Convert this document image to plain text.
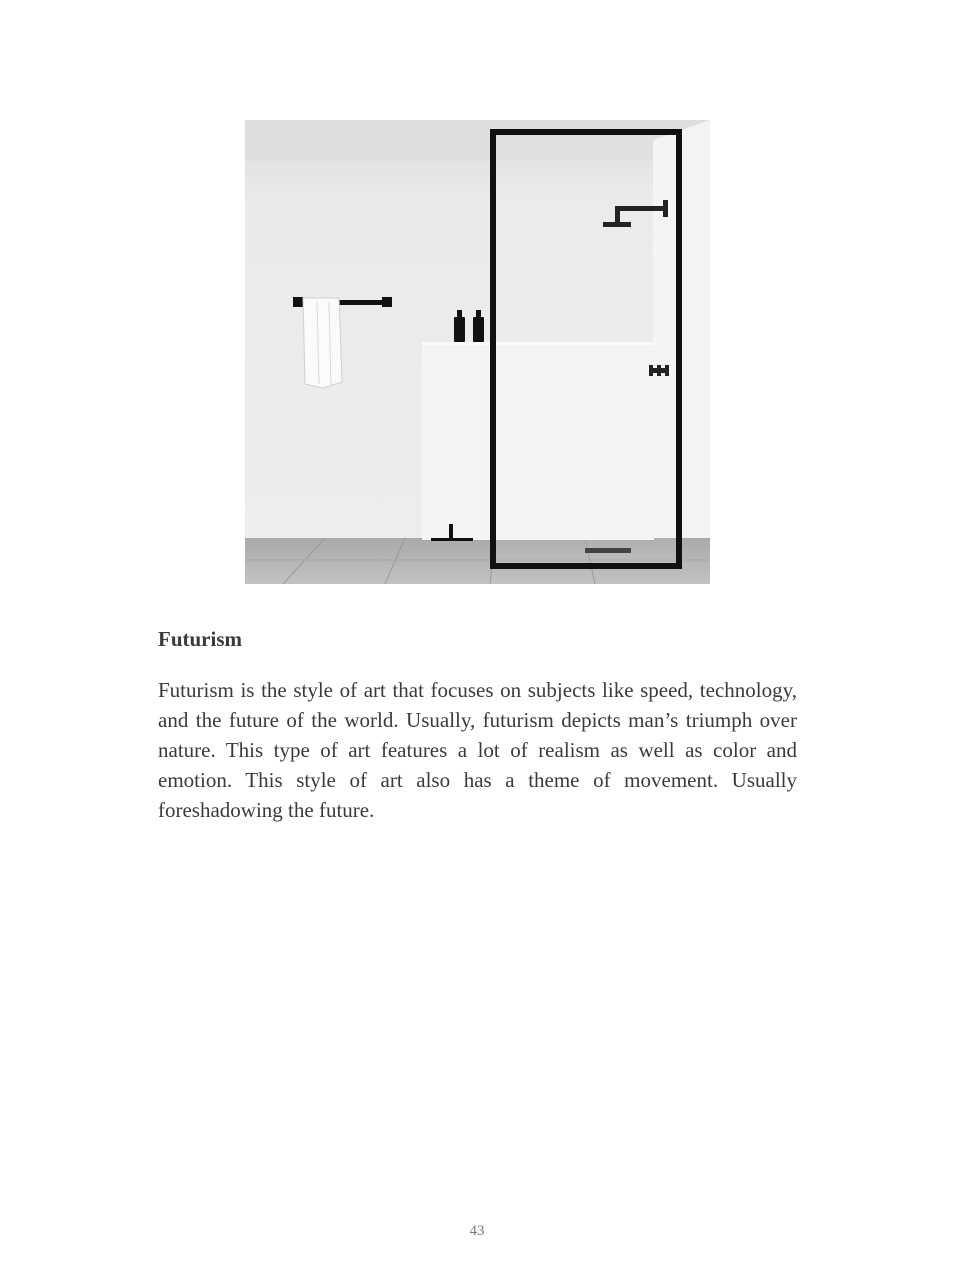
Futurism

Futurism is the style of art that focuses on subjects like speed, technology, and the future of the world. Usually, futurism depicts man’s triumph over nature. This type of art features a lot of realism as well as color and emotion. This style of art also has a theme of movement. Usually foreshadowing the future.

43
